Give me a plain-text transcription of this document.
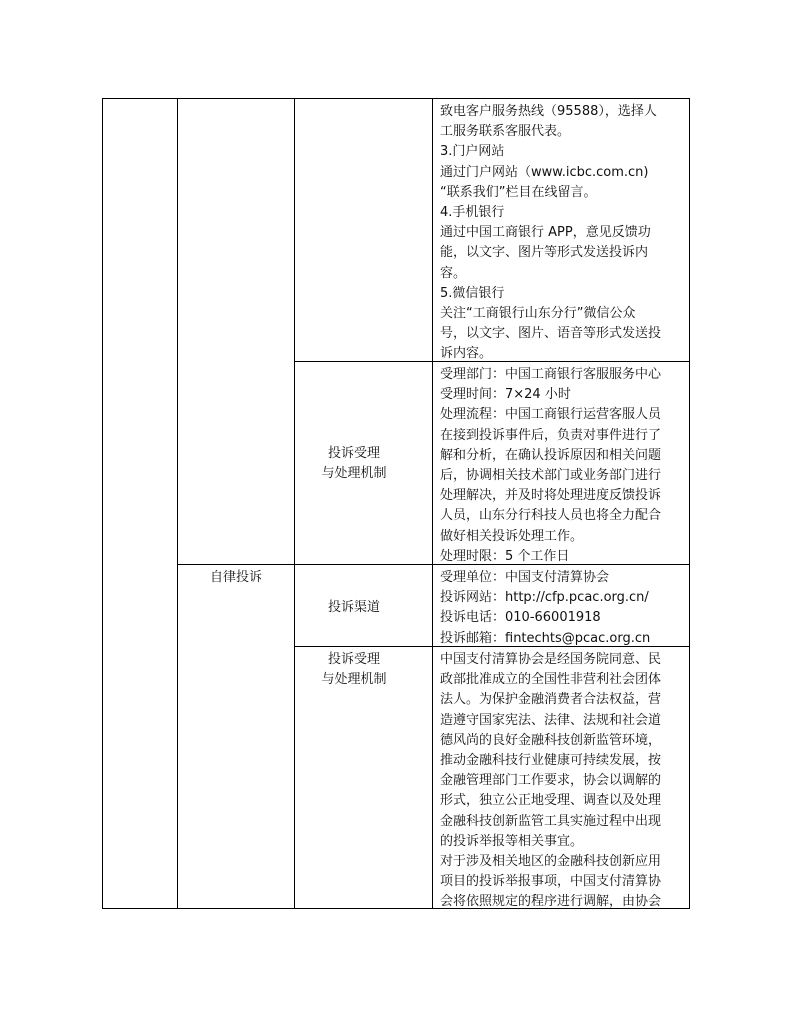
致电客户服务热线（95588），选择人

工服务联系客服代表。

3.门户网站

通过门户网站（www.icbc.com.cn)

“联系我们”栏目在线留言。

4.手机银行

通过中国工商银行 APP，意见反馈功

能，以文字、图片等形式发送投诉内

容。

5.微信银行

关注“工商银行山东分行”微信公众

号，以文字、图片、语音等形式发送投

诉内容。

投诉受理

与处理机制

受理部门：中国工商银行客服服务中心

受理时间：7×24 小时

处理流程：中国工商银行运营客服人员

在接到投诉事件后，负责对事件进行了

解和分析，在确认投诉原因和相关问题

后，协调相关技术部门或业务部门进行

处理解决，并及时将处理进度反馈投诉

人员，山东分行科技人员也将全力配合

做好相关投诉处理工作。

处理时限：5 个工作日

自律投诉
投诉渠道

受理单位：中国支付清算协会

投诉网站：http://cfp.pcac.org.cn/

投诉电话：010-66001918

投诉邮箱：fintechts@pcac.org.cn

投诉受理

与处理机制

中国支付清算协会是经国务院同意、民

政部批准成立的全国性非营利社会团体

法人。为保护金融消费者合法权益，营

造遵守国家宪法、法律、法规和社会道

德风尚的良好金融科技创新监管环境，

推动金融科技行业健康可持续发展，按

金融管理部门工作要求，协会以调解的

形式，独立公正地受理、调查以及处理

金融科技创新监管工具实施过程中出现

的投诉举报等相关事宜。

对于涉及相关地区的金融科技创新应用

项目的投诉举报事项，中国支付清算协

会将依照规定的程序进行调解，由协会
